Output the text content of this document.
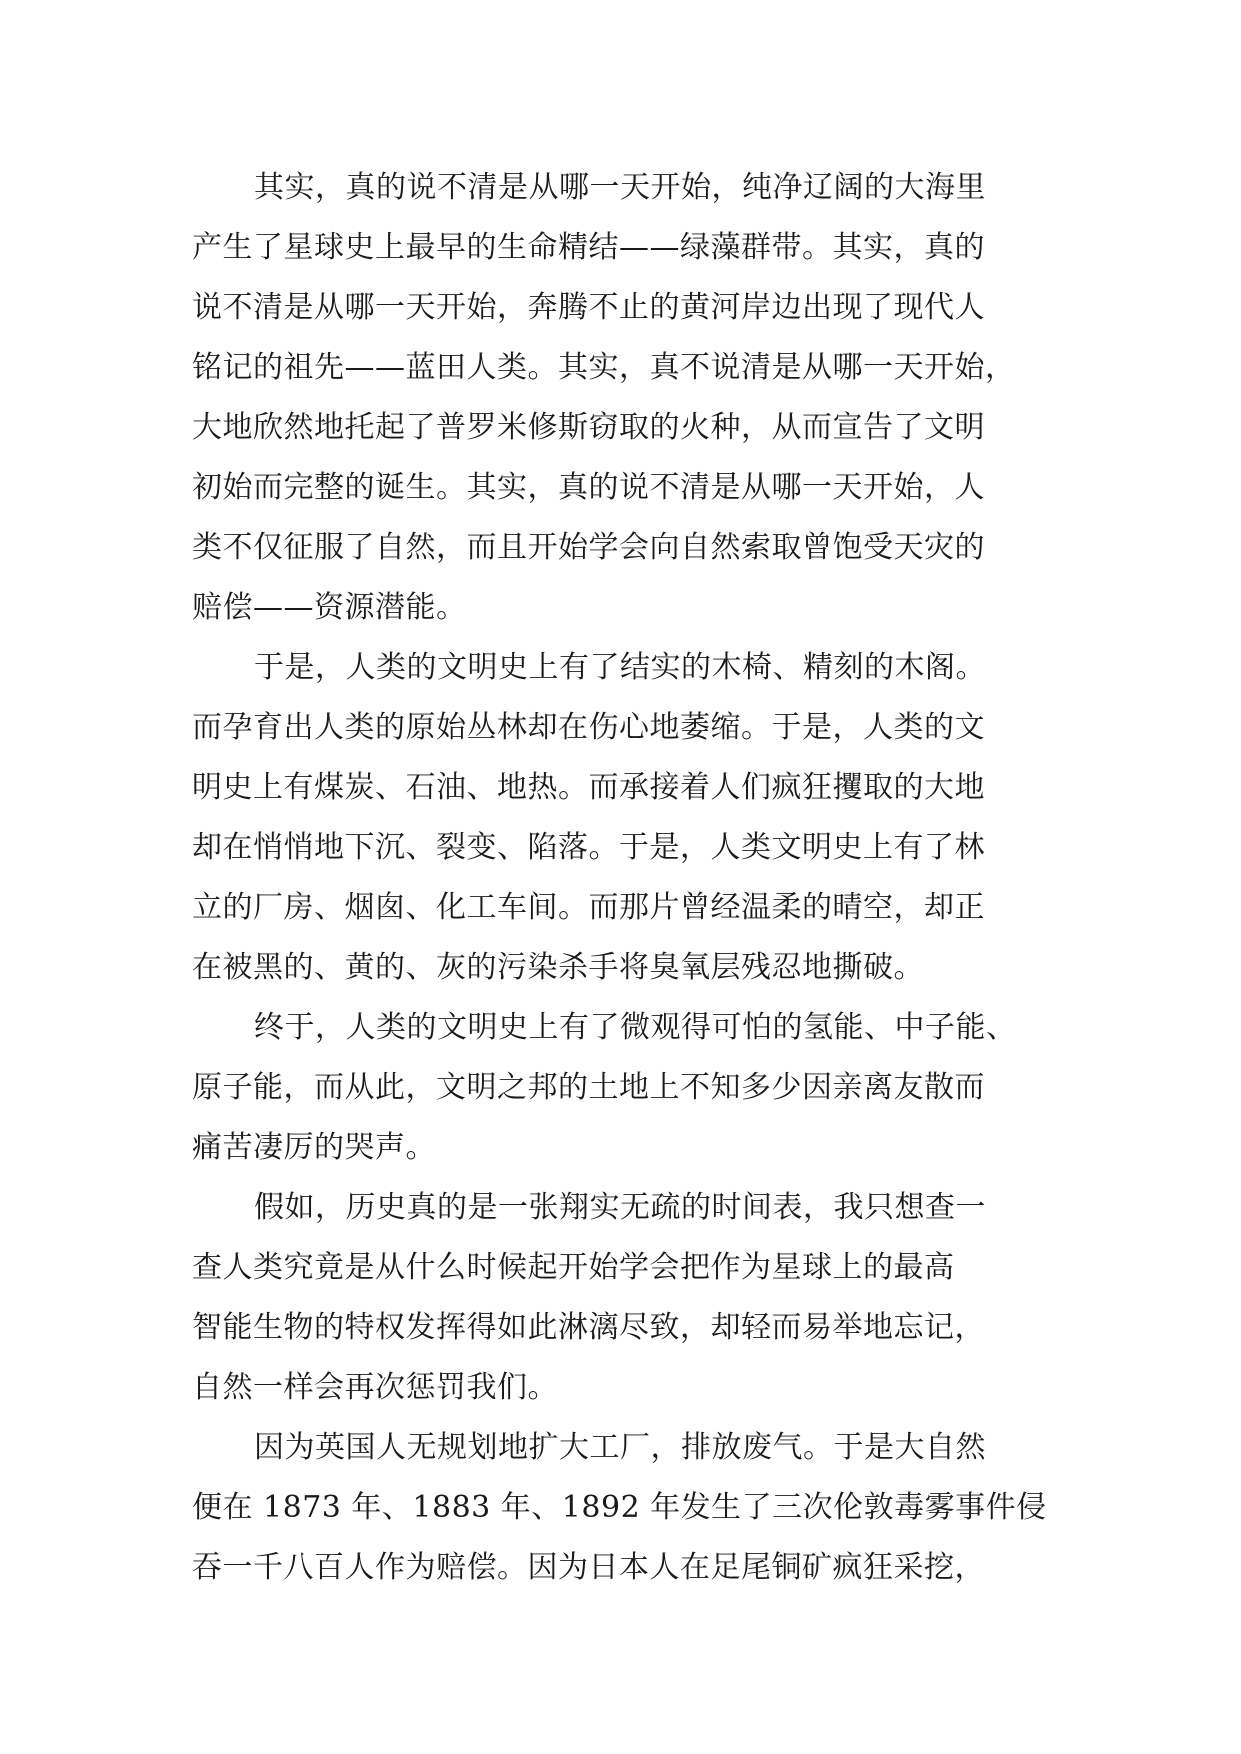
其实，真的说不清是从哪一天开始，纯净辽阔的大海里
产生了星球史上最早的生命精结——绿藻群带。其实，真的
说不清是从哪一天开始，奔腾不止的黄河岸边出现了现代人
铭记的祖先——蓝田人类。其实，真不说清是从哪一天开始，
大地欣然地托起了普罗米修斯窃取的火种，从而宣告了文明
初始而完整的诞生。其实，真的说不清是从哪一天开始，人
类不仅征服了自然，而且开始学会向自然索取曾饱受天灾的
赔偿——资源潜能。
于是，人类的文明史上有了结实的木椅、精刻的木阁。
而孕育出人类的原始丛林却在伤心地萎缩。于是，人类的文
明史上有煤炭、石油、地热。而承接着人们疯狂攫取的大地
却在悄悄地下沉、裂变、陷落。于是，人类文明史上有了林
立的厂房、烟囱、化工车间。而那片曾经温柔的晴空，却正
在被黑的、黄的、灰的污染杀手将臭氧层残忍地撕破。
终于，人类的文明史上有了微观得可怕的氢能、中子能、
原子能，而从此，文明之邦的土地上不知多少因亲离友散而
痛苦凄厉的哭声。
假如，历史真的是一张翔实无疏的时间表，我只想查一
查人类究竟是从什么时候起开始学会把作为星球上的最高
智能生物的特权发挥得如此淋漓尽致，却轻而易举地忘记，
自然一样会再次惩罚我们。
因为英国人无规划地扩大工厂，排放废气。于是大自然
便在 1873 年、1883 年、1892 年发生了三次伦敦毒雾事件侵
吞一千八百人作为赔偿。因为日本人在足尾铜矿疯狂采挖，
